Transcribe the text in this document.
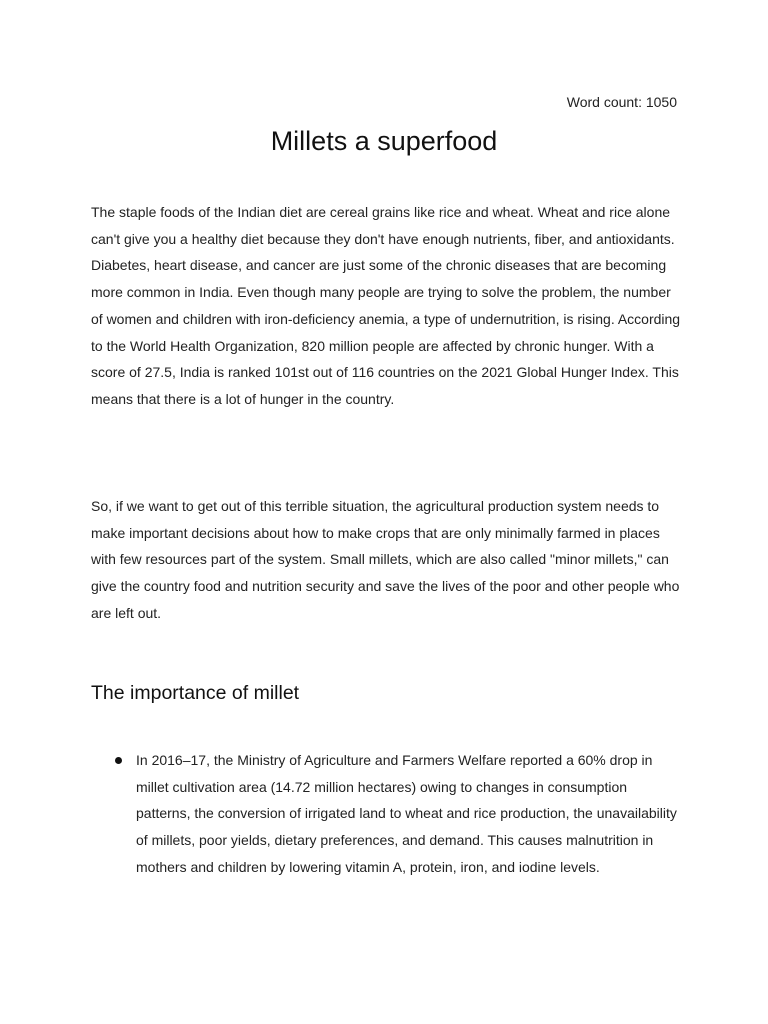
Word count: 1050
Millets a superfood

The staple foods of the Indian diet are cereal grains like rice and wheat. Wheat and rice alone can't give you a healthy diet because they don't have enough nutrients, fiber, and antioxidants. Diabetes, heart disease, and cancer are just some of the chronic diseases that are becoming more common in India. Even though many people are trying to solve the problem, the number of women and children with iron-deficiency anemia, a type of undernutrition, is rising. According to the World Health Organization, 820 million people are affected by chronic hunger. With a score of 27.5, India is ranked 101st out of 116 countries on the 2021 Global Hunger Index. This means that there is a lot of hunger in the country.

So, if we want to get out of this terrible situation, the agricultural production system needs to make important decisions about how to make crops that are only minimally farmed in places with few resources part of the system. Small millets, which are also called "minor millets," can give the country food and nutrition security and save the lives of the poor and other people who are left out.

The importance of millet
In 2016–17, the Ministry of Agriculture and Farmers Welfare reported a 60% drop in millet cultivation area (14.72 million hectares) owing to changes in consumption patterns, the conversion of irrigated land to wheat and rice production, the unavailability of millets, poor yields, dietary preferences, and demand. This causes malnutrition in mothers and children by lowering vitamin A, protein, iron, and iodine levels.
